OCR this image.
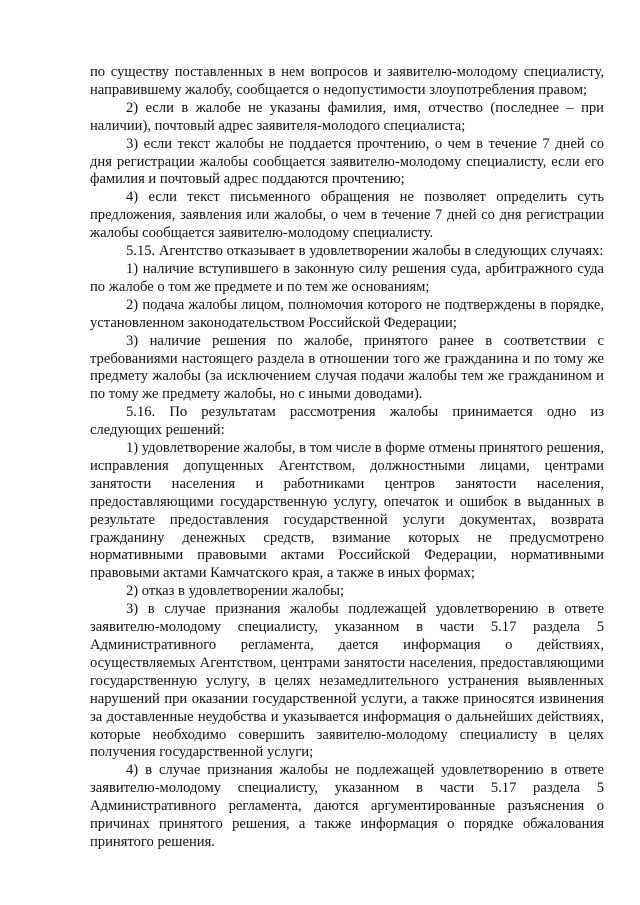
по существу поставленных в нем вопросов и заявителю-молодому специалисту, направившему жалобу, сообщается о недопустимости злоупотребления правом;

2) если в жалобе не указаны фамилия, имя, отчество (последнее – при наличии), почтовый адрес заявителя-молодого специалиста;

3) если текст жалобы не поддается прочтению, о чем в течение 7 дней со дня регистрации жалобы сообщается заявителю-молодому специалисту, если его фамилия и почтовый адрес поддаются прочтению;

4) если текст письменного обращения не позволяет определить суть предложения, заявления или жалобы, о чем в течение 7 дней со дня регистрации жалобы сообщается заявителю-молодому специалисту.

5.15. Агентство отказывает в удовлетворении жалобы в следующих случаях:

1) наличие вступившего в законную силу решения суда, арбитражного суда по жалобе о том же предмете и по тем же основаниям;

2) подача жалобы лицом, полномочия которого не подтверждены в порядке, установленном законодательством Российской Федерации;

3) наличие решения по жалобе, принятого ранее в соответствии с требованиями настоящего раздела в отношении того же гражданина и по тому же предмету жалобы (за исключением случая подачи жалобы тем же гражданином и по тому же предмету жалобы, но с иными доводами).

5.16. По результатам рассмотрения жалобы принимается одно из следующих решений:

1) удовлетворение жалобы, в том числе в форме отмены принятого решения, исправления допущенных Агентством, должностными лицами, центрами занятости населения и работниками центров занятости населения, предоставляющими государственную услугу, опечаток и ошибок в выданных в результате предоставления государственной услуги документах, возврата гражданину денежных средств, взимание которых не предусмотрено нормативными правовыми актами Российской Федерации, нормативными правовыми актами Камчатского края, а также в иных формах;

2) отказ в удовлетворении жалобы;

3) в случае признания жалобы подлежащей удовлетворению в ответе заявителю-молодому специалисту, указанном в части 5.17 раздела 5 Административного регламента, дается информация о действиях, осуществляемых Агентством, центрами занятости населения, предоставляющими государственную услугу, в целях незамедлительного устранения выявленных нарушений при оказании государственной услуги, а также приносятся извинения за доставленные неудобства и указывается информация о дальнейших действиях, которые необходимо совершить заявителю-молодому специалисту в целях получения государственной услуги;

4) в случае признания жалобы не подлежащей удовлетворению в ответе заявителю-молодому специалисту, указанном в части 5.17 раздела 5 Административного регламента, даются аргументированные разъяснения о причинах принятого решения, а также информация о порядке обжалования принятого решения.
